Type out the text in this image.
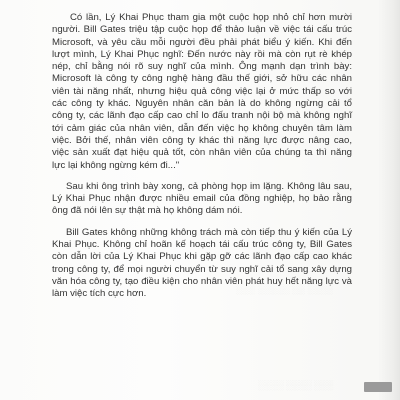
░░░ ░░░░░ ░░ ░░░░
░░░░ ░░░░ ░░░

Có lần, Lý Khai Phục tham gia một cuộc họp nhỏ chỉ hơn mười người. Bill Gates triệu tập cuộc họp để thảo luận về việc tái cấu trúc Microsoft, và yêu cầu mỗi người đều phải phát biểu ý kiến. Khi đến lượt mình, Lý Khai Phục nghĩ: Đến nước này rồi mà còn rụt rè khép nép, chỉ bằng nói rõ suy nghĩ của mình. Ông mạnh dạn trình bày: Microsoft là công ty công nghệ hàng đầu thế giới, sở hữu các nhân viên tài năng nhất, nhưng hiệu quả công việc lại ở mức thấp so với các công ty khác. Nguyên nhân căn bản là do không ngừng cải tổ công ty, các lãnh đạo cấp cao chỉ lo đấu tranh nội bộ mà không nghĩ tới cảm giác của nhân viên, dẫn đến việc họ không chuyên tâm làm việc. Bởi thế, nhân viên công ty khác thì năng lực được nâng cao, việc sản xuất đạt hiệu quả tốt, còn nhân viên của chúng ta thì năng lực lại không ngừng kém đi..."

Sau khi ông trình bày xong, cả phòng họp im lặng. Không lâu sau, Lý Khai Phục nhận được nhiều email của đồng nghiệp, họ bảo rằng ông đã nói lên sự thật mà họ không dám nói.

Bill Gates không những không trách mà còn tiếp thu ý kiến của Lý Khai Phục. Không chỉ hoãn kế hoạch tái cấu trúc công ty, Bill Gates còn dẫn lời của Lý Khai Phục khi gặp gỡ các lãnh đạo cấp cao khác trong công ty, để mọi người chuyển từ suy nghĩ cải tổ sang xây dựng văn hóa công ty, tạo điều kiện cho nhân viên phát huy hết năng lực và làm việc tích cực hơn.
